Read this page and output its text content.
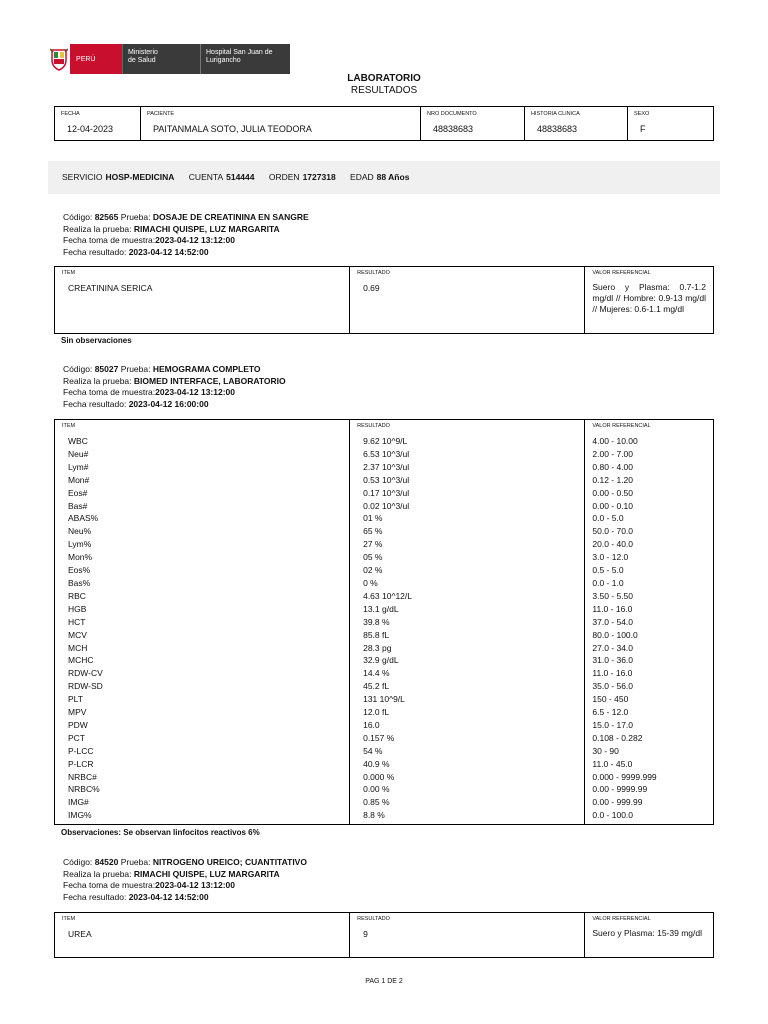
PERÚ
Ministerio
de Salud
Hospital San Juan de
Lurigancho
LABORATORIO
RESULTADOS
FECHA
12-04-2023
PACIENTE
PAITANMALA SOTO, JULIA TEODORA
NRO DOCUMENTO
48838683
HISTORIA CLINICA
48838683
SEXO
F
SERVICIO HOSP-MEDICINA CUENTA 514444 ORDEN 1727318 EDAD 88 Años
Código: 82565 Prueba: DOSAJE DE CREATININA EN SANGRE
Realiza la prueba: RIMACHI QUISPE, LUZ MARGARITA
Fecha toma de muestra:2023-04-12 13:12:00
Fecha resultado: 2023-04-12 14:52:00
ITEM
CREATININA SERICA
RESULTADO
0.69
VALOR REFERENCIAL
Suero y Plasma: 0.7-1.2 mg/dl // Hombre: 0.9-13 mg/dl // Mujeres: 0.6-1.1 mg/dl
Sin observaciones
Código: 85027 Prueba: HEMOGRAMA COMPLETO
Realiza la prueba: BIOMED INTERFACE, LABORATORIO
Fecha toma de muestra:2023-04-12 13:12:00
Fecha resultado: 2023-04-12 16:00:00
ITEM
WBC
Neu#
Lym#
Mon#
Eos#
Bas#
ABAS%
Neu%
Lym%
Mon%
Eos%
Bas%
RBC
HGB
HCT
MCV
MCH
MCHC
RDW-CV
RDW-SD
PLT
MPV
PDW
PCT
P-LCC
P-LCR
NRBC#
NRBC%
IMG#
IMG%
RESULTADO
9.62 10^9/L
6.53 10^3/ul
2.37 10^3/ul
0.53 10^3/ul
0.17 10^3/ul
0.02 10^3/ul
01 %
65 %
27 %
05 %
02 %
0 %
4.63 10^12/L
13.1 g/dL
39.8 %
85.8 fL
28.3 pg
32.9 g/dL
14.4 %
45.2 fL
131 10^9/L
12.0 fL
16.0
0.157 %
54 %
40.9 %
0.000 %
0.00 %
0.85 %
8.8 %
VALOR REFERENCIAL
4.00 - 10.00
2.00 - 7.00
0.80 - 4.00
0.12 - 1.20
0.00 - 0.50
0.00 - 0.10
0.0 - 5.0
50.0 - 70.0
20.0 - 40.0
3.0 - 12.0
0.5 - 5.0
0.0 - 1.0
3.50 - 5.50
11.0 - 16.0
37.0 - 54.0
80.0 - 100.0
27.0 - 34.0
31.0 - 36.0
11.0 - 16.0
35.0 - 56.0
150 - 450
6.5 - 12.0
15.0 - 17.0
0.108 - 0.282
30 - 90
11.0 - 45.0
0.000 - 9999.999
0.00 - 9999.99
0.00 - 999.99
0.0 - 100.0
Observaciones: Se observan linfocitos reactivos 6%
Código: 84520 Prueba: NITROGENO UREICO; CUANTITATIVO
Realiza la prueba: RIMACHI QUISPE, LUZ MARGARITA
Fecha toma de muestra:2023-04-12 13:12:00
Fecha resultado: 2023-04-12 14:52:00
ITEM
UREA
RESULTADO
9
VALOR REFERENCIAL
Suero y Plasma: 15-39 mg/dl
PAG 1 DE 2
